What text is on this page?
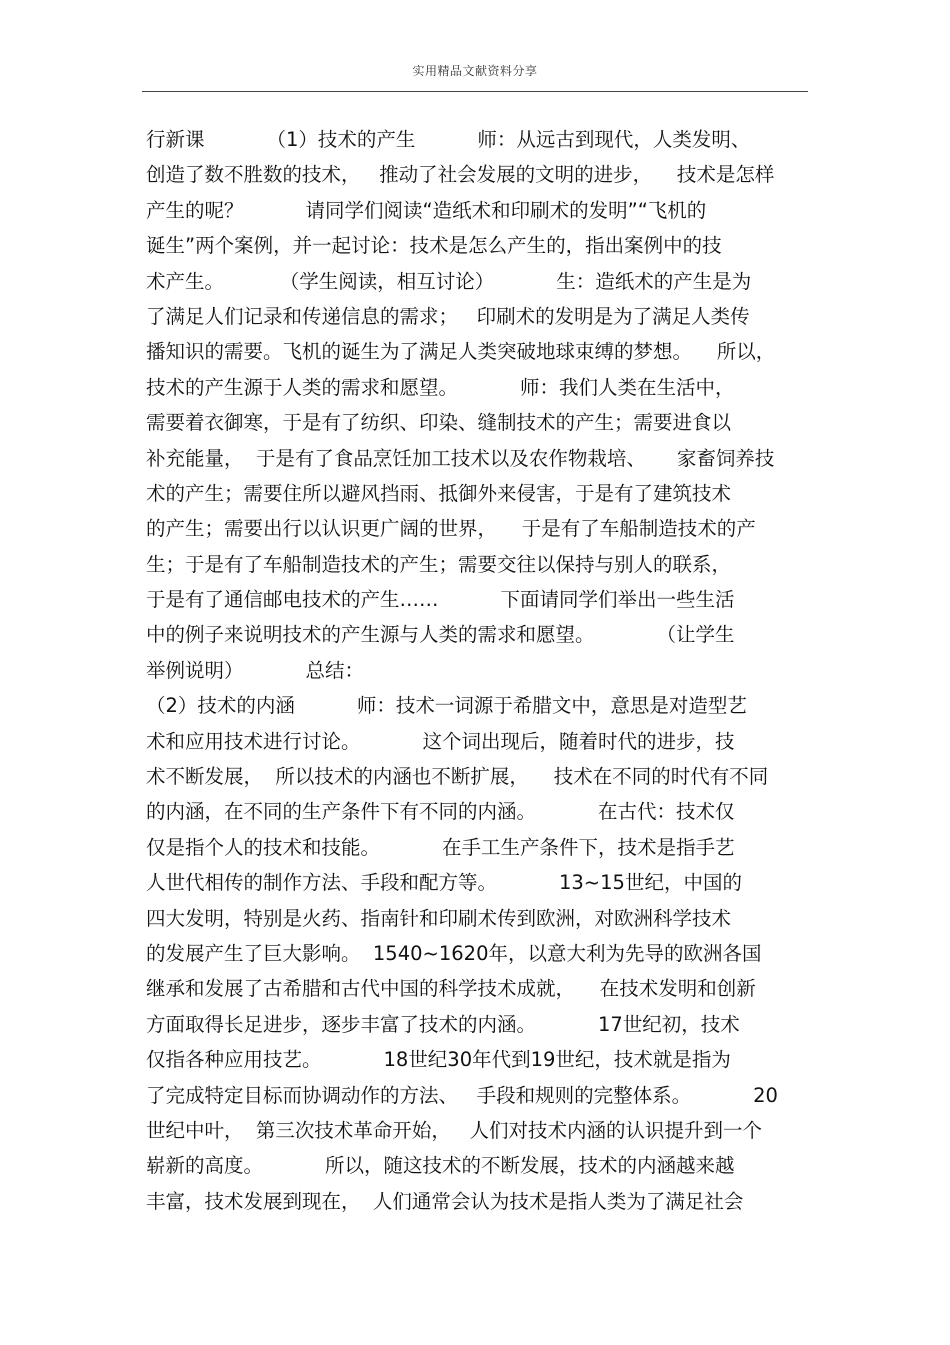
实用精品文献资料分享
行新课          （1）技术的产生          师：从远古到现代，人类发明、
创造了数不胜数的技术，   推动了社会发展的文明的进步，    技术是怎样
产生的呢？          请同学们阅读“造纸术和印刷术的发明”“飞机的
诞生”两个案例，并一起讨论：技术是怎么产生的，指出案例中的技
术产生。         （学生阅读，相互讨论）          生：造纸术的产生是为
了满足人们记录和传递信息的需求；   印刷术的发明是为了满足人类传
播知识的需要。飞机的诞生为了满足人类突破地球束缚的梦想。    所以，
技术的产生源于人类的需求和愿望。          师：我们人类在生活中，
需要着衣御寒，于是有了纺织、印染、缝制技术的产生；需要进食以
补充能量，  于是有了食品烹饪加工技术以及农作物栽培、     家畜饲养技
术的产生；需要住所以避风挡雨、抵御外来侵害，于是有了建筑技术
的产生；需要出行以认识更广阔的世界，    于是有了车船制造技术的产
生；于是有了车船制造技术的产生；需要交往以保持与别人的联系，
于是有了通信邮电技术的产生……          下面请同学们举出一些生活
中的例子来说明技术的产生源与人类的需求和愿望。          （让学生
举例说明）          总结：
（2）技术的内涵          师：技术一词源于希腊文中，意思是对造型艺
术和应用技术进行讨论。          这个词出现后，随着时代的进步，技
术不断发展，  所以技术的内涵也不断扩展，    技术在不同的时代有不同
的内涵，在不同的生产条件下有不同的内涵。          在古代：技术仅
仅是指个人的技术和技能。          在手工生产条件下，技术是指手艺
人世代相传的制作方法、手段和配方等。          13~15世纪，中国的
四大发明，特别是火药、指南针和印刷术传到欧洲，对欧洲科学技术
的发展产生了巨大影响。  1540~1620年，以意大利为先导的欧洲各国
继承和发展了古希腊和古代中国的科学技术成就，    在技术发明和创新
方面取得长足进步，逐步丰富了技术的内涵。          17世纪初，技术
仅指各种应用技艺。          18世纪30年代到19世纪，技术就是指为
了完成特定目标而协调动作的方法、   手段和规则的完整体系。          20
世纪中叶，  第三次技术革命开始，   人们对技术内涵的认识提升到一个
崭新的高度。          所以，随这技术的不断发展，技术的内涵越来越
丰富，技术发展到现在，  人们通常会认为技术是指人类为了满足社会
